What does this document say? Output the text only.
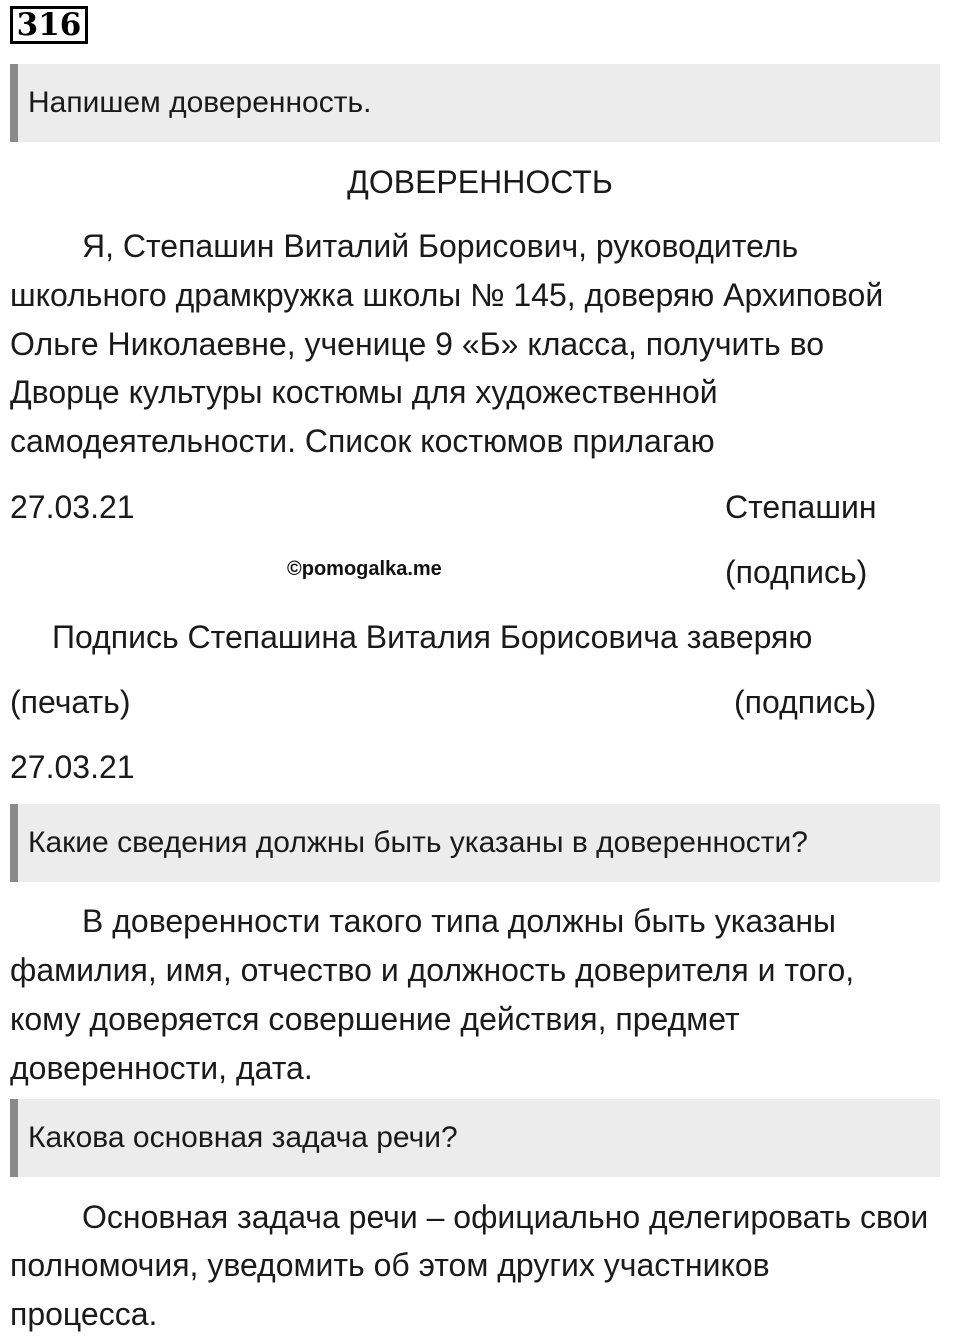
316
Напишем доверенность.
ДОВЕРЕННОСТЬ
Я, Степашин Виталий Борисович, руководитель
школьного драмкружка школы № 145, доверяю Архиповой
Ольге Николаевне, ученице 9 «Б» класса, получить во
Дворце культуры костюмы для художественной
самодеятельности. Список костюмов прилагаю
27.03.21	Степашин
©pomogalka.me	(подпись)
Подпись Степашина Виталия Борисовича заверяю
(печать)	(подпись)
27.03.21
Какие сведения должны быть указаны в доверенности?
В доверенности такого типа должны быть указаны
фамилия, имя, отчество и должность доверителя и того,
кому доверяется совершение действия, предмет
доверенности, дата.
Какова основная задача речи?
Основная задача речи – официально делегировать свои
полномочия, уведомить об этом других участников
процесса.
